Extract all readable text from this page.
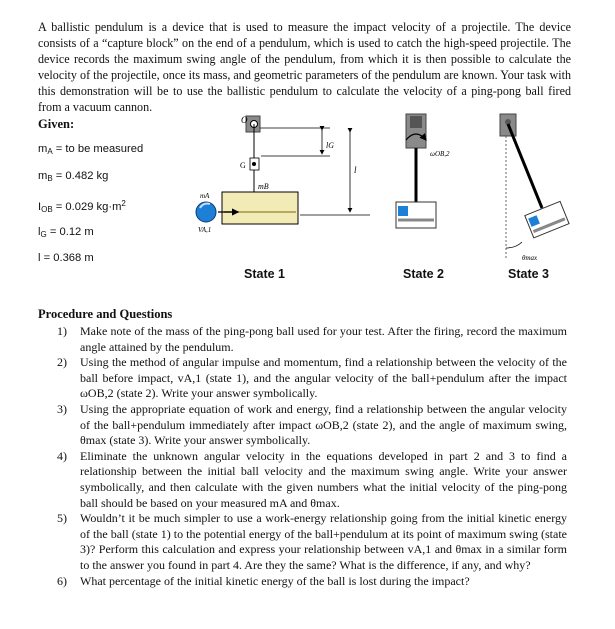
A ballistic pendulum is a device that is used to measure the impact velocity of a projectile. The device consists of a “capture block” on the end of a pendulum, which is used to catch the high-speed projectile. The device records the maximum swing angle of the pendulum, from which it is then possible to calculate the velocity of the projectile, once its mass, and geometric parameters of the pendulum are known. Your task with this demonstration will be to use the ballistic pendulum to calculate the velocity of a ping-pong ball fired from a vacuum cannon.

Given:
$m_A$ = to be measured
$m_B = 0.482$ kg
$I_{OB} = 0.029$ $kg\cdot m^2$
$l_G = 0.12$ m
l = 0.368 m
O
lG
l
G
mB
mA
VA,1
ωOB,2
θmax
State 1	State 2	State 3
Procedure and Questions
1) Make note of the mass of the ping-pong ball used for your test. After the firing, record the maximum angle attained by the pendulum.
2) Using the method of angular impulse and momentum, find a relationship between the velocity of the ball before impact, vA,1 (state 1), and the angular velocity of the ball+pendulum after the impact ωOB,2 (state 2). Write your answer symbolically.
3) Using the appropriate equation of work and energy, find a relationship between the angular velocity of the ball+pendulum immediately after impact ωOB,2 (state 2), and the angle of maximum swing, θmax (state 3). Write your answer symbolically.
4) Eliminate the unknown angular velocity in the equations developed in part 2 and 3 to find a relationship between the initial ball velocity and the maximum swing angle. Write your answer symbolically, and then calculate with the given numbers what the initial velocity of the ping-pong ball should be based on your measured mA and θmax.
5) Wouldn’t it be much simpler to use a work-energy relationship going from the initial kinetic energy of the ball (state 1) to the potential energy of the ball+pendulum at its point of maximum swing (state 3)? Perform this calculation and express your relationship between vA,1 and θmax in a similar form to the answer you found in part 4. Are they the same? What is the difference, if any, and why?
6) What percentage of the initial kinetic energy of the ball is lost during the impact?
